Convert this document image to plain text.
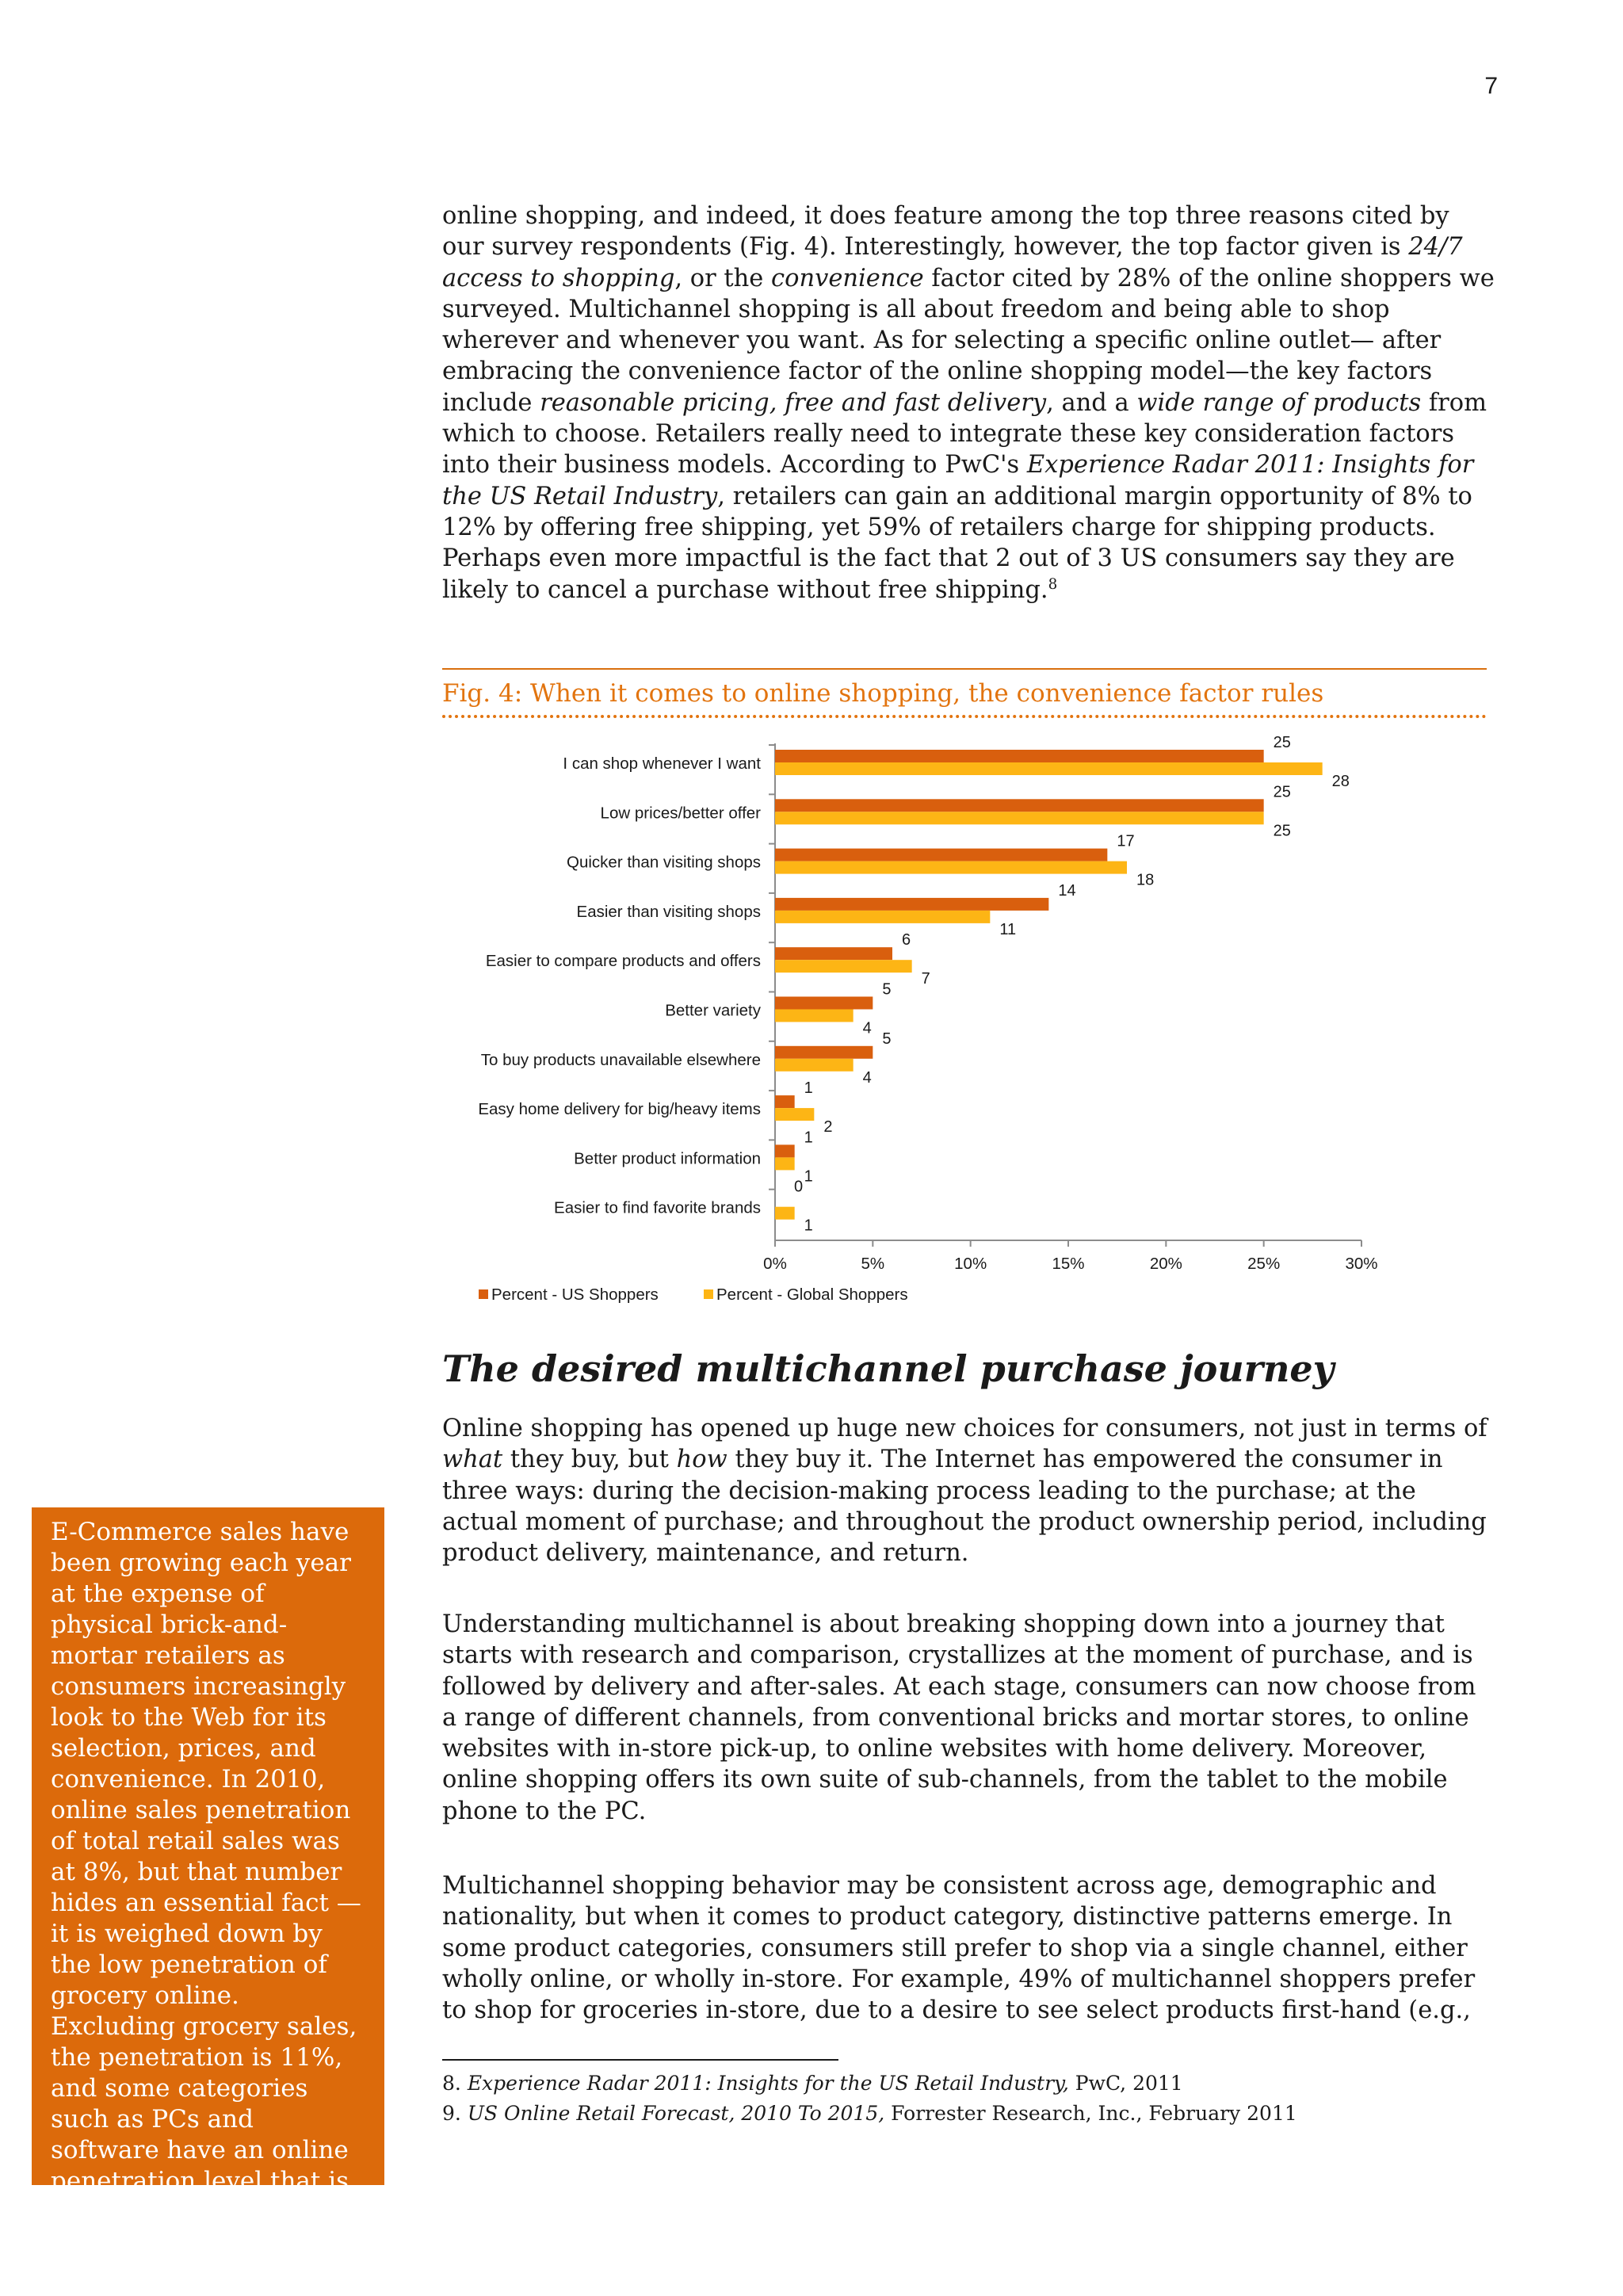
7

online shopping, and indeed, it does feature among the top three reasons cited by our survey respondents (Fig. 4). Interestingly, however, the top factor given is 24/7 access to shopping, or the convenience factor cited by 28% of the online shoppers we surveyed. Multichannel shopping is all about freedom and being able to shop wherever and whenever you want. As for selecting a specific online outlet— after embracing the convenience factor of the online shopping model—the key factors include reasonable pricing, free and fast delivery, and a wide range of products from which to choose. Retailers really need to integrate these key consideration factors into their business models. According to PwC's Experience Radar 2011: Insights for the US Retail Industry, retailers can gain an additional margin opportunity of 8% to 12% by offering free shipping, yet 59% of retailers charge for shipping products. Perhaps even more impactful is the fact that 2 out of 3 US consumers say they are likely to cancel a purchase without free shipping.$^8$

Fig. 4: When it comes to online shopping, the convenience factor rules
I can shop whenever I want
25
28
Low prices/better offer
25
25
Quicker than visiting shops
17
18
Easier than visiting shops
14
11
Easier to compare products and offers
6
7
Better variety
5
4
To buy products unavailable elsewhere
5
4
Easy home delivery for big/heavy items
1
2
Better product information
1
1
Easier to find favorite brands
0
1
0%	5%	10%	15%	20%	25%	30%
Percent - US Shoppers	Percent - Global Shoppers
The desired multichannel purchase journey

Online shopping has opened up huge new choices for consumers, not just in terms of what they buy, but how they buy it. The Internet has empowered the consumer in three ways: during the decision-making process leading to the purchase; at the actual moment of purchase; and throughout the product ownership period, including product delivery, maintenance, and return.

Understanding multichannel is about breaking shopping down into a journey that starts with research and comparison, crystallizes at the moment of purchase, and is followed by delivery and after-sales. At each stage, consumers can now choose from a range of different channels, from conventional bricks and mortar stores, to online websites with in-store pick-up, to online websites with home delivery. Moreover, online shopping offers its own suite of sub-channels, from the tablet to the mobile phone to the PC.

Multichannel shopping behavior may be consistent across age, demographic and nationality, but when it comes to product category, distinctive patterns emerge. In some product categories, consumers still prefer to shop via a single channel, either wholly online, or wholly in-store. For example, 49% of multichannel shoppers prefer to shop for groceries in-store, due to a desire to see select products first-hand (e.g.,

8. Experience Radar 2011: Insights for the US Retail Industry, PwC, 2011
9. US Online Retail Forecast, 2010 To 2015, Forrester Research, Inc., February 2011
E-Commerce sales have been growing each year at the expense of physical brick-and-mortar retailers as consumers increasingly look to the Web for its selection, prices, and convenience. In 2010, online sales penetration of total retail sales was at 8%, but that number hides an essential fact — it is weighed down by the low penetration of grocery online. Excluding grocery sales, the penetration is 11%, and some categories such as PCs and software have an online penetration level that is higher than 50%.$^9$
